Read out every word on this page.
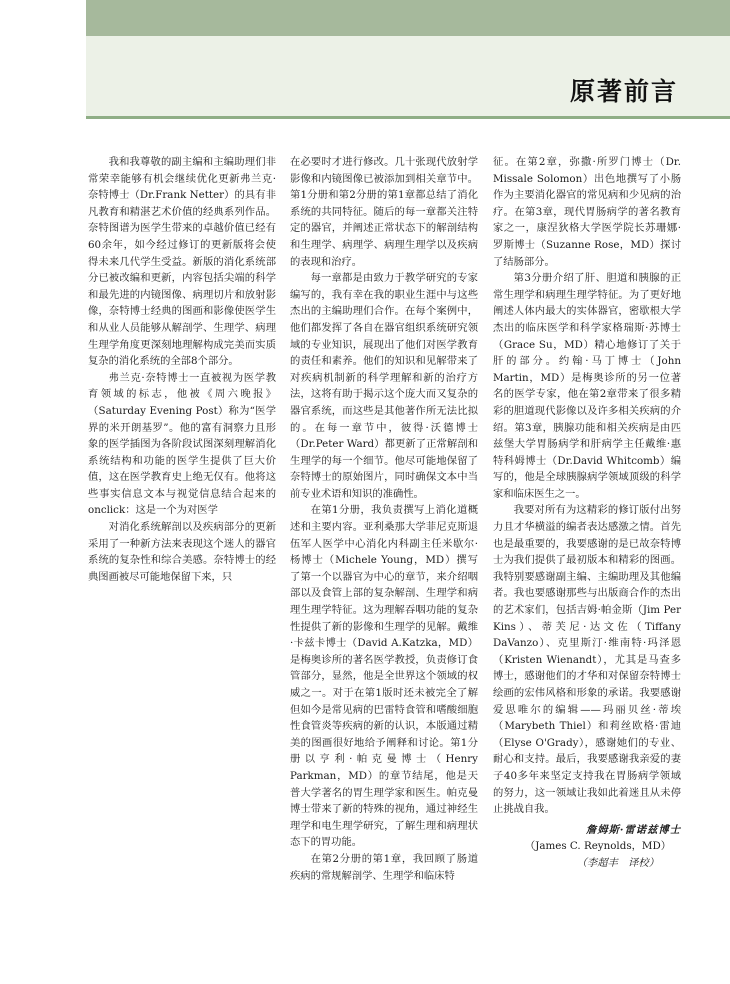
原著前言

我和我尊敬的副主编和主编助理们非常荣幸能够有机会继续优化更新弗兰克·奈特博士（Dr.Frank Netter）的具有非凡教育和精湛艺术价值的经典系列作品。奈特图谱为医学生带来的卓越价值已经有60余年，如今经过修订的更新版将会使得未来几代学生受益。新版的消化系统部分已被改编和更新，内容包括尖端的科学和最先进的内镜图像、病理切片和放射影像，奈特博士经典的图画和影像使医学生和从业人员能够从解剖学、生理学、病理生理学角度更深刻地理解构成完美而实质复杂的消化系统的全部8个部分。

弗兰克·奈特博士一直被视为医学教育领域的标志，他被《周六晚报》（Saturday Evening Post）称为“医学界的米开朗基罗”。他的富有洞察力且形象的医学插图为各阶段试图深刻理解消化系统结构和功能的医学生提供了巨大价值，这在医学教育史上绝无仅有。他将这些事实信息文本与视觉信息结合起来的onclick：这是一个为对医学

对消化系统解剖以及疾病部分的更新采用了一种新方法来表现这个迷人的器官系统的复杂性和综合美感。奈特博士的经典图画被尽可能地保留下来，只

在必要时才进行修改。几十张现代放射学影像和内镜图像已被添加到相关章节中。第1分册和第2分册的第1章都总结了消化系统的共同特征。随后的每一章都关注特定的器官，并阐述正常状态下的解剖结构和生理学、病理学、病理生理学以及疾病的表现和治疗。

每一章都是由致力于教学研究的专家编写的，我有幸在我的职业生涯中与这些杰出的主编助理们合作。在每个案例中，他们都发挥了各自在器官组织系统研究领域的专业知识，展现出了他们对医学教育的责任和素养。他们的知识和见解带来了对疾病机制新的科学理解和新的治疗方法，这将有助于揭示这个庞大而又复杂的器官系统，而这些是其他著作所无法比拟的。在每一章节中，彼得·沃德博士（Dr.Peter Ward）都更新了正常解剖和生理学的每一个细节。他尽可能地保留了奈特博士的原始图片，同时确保文本中当前专业术语和知识的准确性。

在第1分册，我负责撰写上消化道概述和主要内容。亚利桑那大学菲尼克斯退伍军人医学中心消化内科副主任米歇尔·杨博士（Michele Young，MD）撰写了第一个以器官为中心的章节，来介绍咽部以及食管上部的复杂解剖、生理学和病理生理学特征。这为理解吞咽功能的复杂性提供了新的影像和生理学的见解。戴维·卡兹卡博士（David A.Katzka，MD）是梅奥诊所的著名医学教授，负责修订食管部分，显然，他是全世界这个领域的权威之一。对于在第1版时还未被完全了解但如今是常见病的巴雷特食管和嗜酸细胞性食管炎等疾病的新的认识，本版通过精美的图画很好地给予阐释和讨论。第1分册以亨利·帕克曼博士（Henry Parkman，MD）的章节结尾，他是天普大学著名的胃生理学家和医生。帕克曼博士带来了新的特殊的视角，通过神经生理学和电生理学研究，了解生理和病理状态下的胃功能。

在第2分册的第1章，我回顾了肠道疾病的常规解剖学、生理学和临床特

征。在第2章，弥撒·所罗门博士（Dr. Missale Solomon）出色地撰写了小肠作为主要消化器官的常见病和少见病的治疗。在第3章，现代胃肠病学的著名教育家之一，康涅狄格大学医学院长苏珊娜·罗斯博士（Suzanne Rose，MD）探讨了结肠部分。

第3分册介绍了肝、胆道和胰腺的正常生理学和病理生理学特征。为了更好地阐述人体内最大的实体器官，密歇根大学杰出的临床医学和科学家格瑞斯·苏博士（Grace Su，MD）精心地修订了关于肝的部分。约翰·马丁博士（John Martin，MD）是梅奥诊所的另一位著名的医学专家，他在第2章带来了很多精彩的胆道现代影像以及许多相关疾病的介绍。第3章，胰腺功能和相关疾病是由匹兹堡大学胃肠病学和肝病学主任戴维·惠特科姆博士（Dr.David Whitcomb）编写的，他是全球胰腺病学领域顶级的科学家和临床医生之一。

我要对所有为这精彩的修订版付出努力且才华横溢的编者表达感激之情。首先也是最重要的，我要感谢的是已故奈特博士为我们提供了最初版本和精彩的图画。我特别要感谢副主编、主编助理及其他编者。我也要感谢那些与出版商合作的杰出的艺术家们，包括吉姆·帕金斯（Jim Per Kins）、蒂芙尼·达文佐（Tiffany DaVanzo）、克里斯汀·维南特·玛泽恩（Kristen Wienandt），尤其是马查多博士，感谢他们的才华和对保留奈特博士绘画的宏伟风格和形象的承诺。我要感谢爱思唯尔的编辑——玛丽贝丝·蒂埃（Marybeth Thiel）和莉丝欧格·雷迪（Elyse O'Grady），感谢她们的专业、耐心和支持。最后，我要感谢我亲爱的妻子40多年来坚定支持我在胃肠病学领域的努力，这一领域让我如此着迷且从未停止挑战自我。

詹姆斯·雷诺兹博士
（James C. Reynolds，MD）
（李超丰　译校）
